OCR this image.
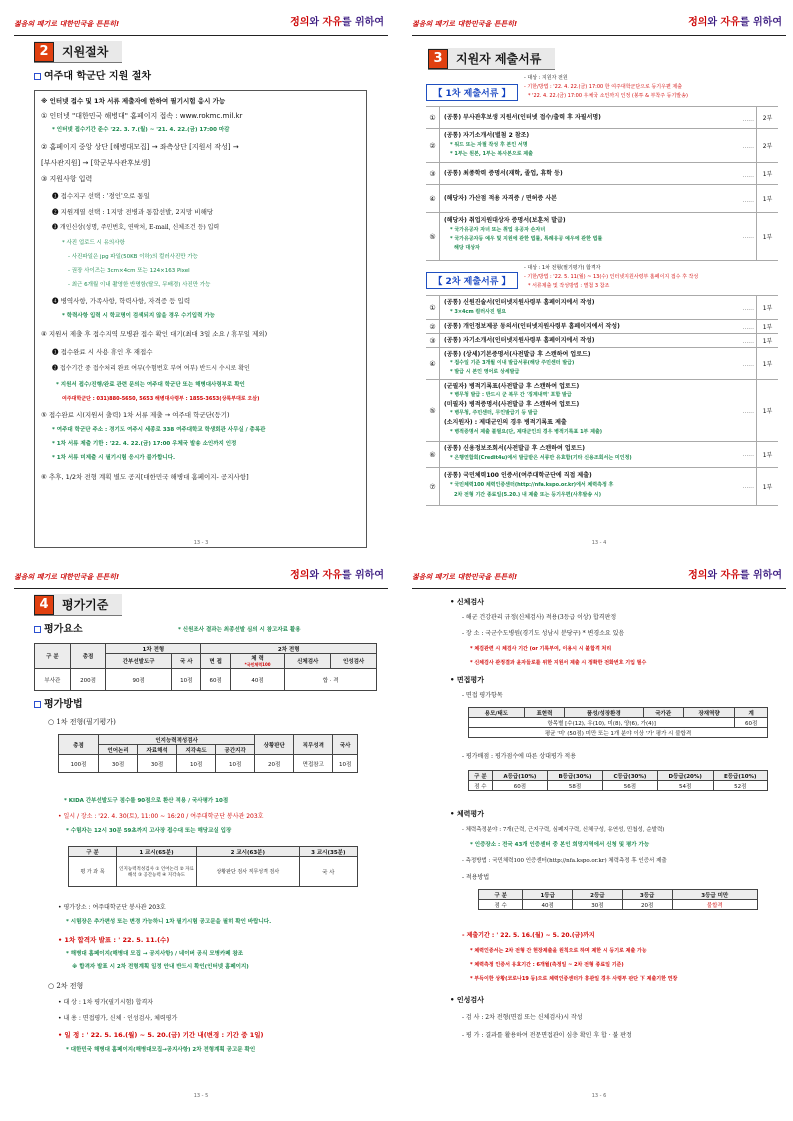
젊음의 패기로 대한민국을 튼튼히!	정의와 자유를 위하여
2	지원절차
여주대 학군단 지원 절차
※ 인터넷 접수 및 1차 서류 제출자에 한하여 필기시험 응시 가능
① 인터넷 "대한민국 해병대" 홈페이지 접속 : www.rokmc.mil.kr
* 인터넷 접수기간 준수 '22. 3. 7.(월) ~ '21. 4. 22.(금) 17:00 마감
② 홈페이지 중앙 상단 [해병대모집] → 좌측상단 [지원서 작성] →
[부사관지원] → [학군부사관후보생]
③ 지원사항 입력
❶ 접수지구 선택 : '경인'으로 통일
❷ 지원계열 선택 : 1지망 전병과 통합선발, 2지망 비해당
❸ 개인신상(성명, 주민번호, 연락처, E-mail, 신체조건 등) 입력
* 사진 업로드 시 유의사항
- 사진파일은 jpg 파일(50KB 이하)의 컬러사진만 가능
- 권장 사이즈는 3cm×4cm 또는 124×163 Pixel
- 최근 6개월 이내 촬영한 반명함(탈모, 무배경) 사진만 가능
❹ 병역사항, 가족사항, 학력사항, 자격증 등 입력
* 학력사항 입력 시 학교명이 검색되지 않을 경우 수기입력 가능
④ 지원서 제출 후 접수지역 모병관 접수 확인 대기(최대 3일 소요 / 휴무일 제외)
❶ 접수완료 시 사용 휴인 후 재접수
❷ 접수기간 중 접수처리 완료 여부(수험번호 부여 여부) 반드시 수시로 확인
* 지원서 접수/진행/완료 관련 문의는 여주대 학군단 또는 해병대사령부로 확인
여주대학군단 : 031)880-5650, 5653 해병대사령부 : 1855-3653(상록부대로 오삼)
⑤ 접수완료 시(지원서 출력) 1차 서류 제출 → 여주대 학군단(등기)
* 여주대 학군단 주소 : 경기도 여주시 세종로 338 여주대학교 학생회관 사무실 / 총록관
* 1차 서류 제출 기한 : '22. 4. 22.(금) 17:00 우체국 발송 소인까지 인정
* 1차 서류 미제출 시 필기시험 응시가 불가합니다.
⑥ 추후, 1/2차 전형 계획 별도 공지[대한민국 해병대 홈페이지- 공지사항]
13 - 3
젊음의 패기로 대한민국을 튼튼히!	정의와 자유를 위하여
3	지원자 제출서류
【 1차 제출서류 】
- 대상 : 지원자 전원
- 기한/방법 : '22. 4. 22.(금) 17:00 한 여주대학군단으로 등기우편 제출
* '22. 4. 22.(금) 17:00 우체국 소인까지 인정 (봉투 & 부착주 등기발송)
①	(공통) 부사관후보생 지원서(인터넷 접수/출력 후 자필서명)	......	2부
②
(공통) 자기소개서(별첨 2 참조)
* 워드 또는 자필 작성 후 본인 서명
* 1부는 원본, 1부는 복사본으로 제출
......	2부
③	(공통) 최종학력 증명서(재학, 졸업, 휴학 등)	......	1부
④	(해당자) 가산점 적용 자격증 / 면허증 사본	......	1부
⑤
(해당자) 취업지원대상자 증명서(보훈처 발급)
* 국가유공자 자녀 또는 취업 유공자 손자녀
* 국가유공자등 예우 및 지원에 관한 법률, 특례유공 예우에 관한 법률
해당 대상자
......	1부
【 2차 제출서류 】
- 대상 : 1차 전형(필기평가) 합격자
- 기한/방법 : '22. 5. 11(월) ~ 13(수) 인터넷지원사령부 홈페이지 접수 후 작성
* 서류제출 및 작성방법 : 별첨 3 참조
①
(공통) 신원진술서(인터넷지원사령부 홈페이지에서 작성)
* 3×4cm 컬러사진 필요	......	1부
②	(공통) 개인정보제공 동의서(인터넷지원사령부 홈페이지에서 작성)	......	1부
③	(공통) 자기소개서(인터넷지원사령부 홈페이지에서 작성)	......	1부
④
(공통) (상세)기본증명서(사전발급 후 스캔하여 업로드)
* 접수일 기준 3개월 이내 발급서류(해당 주민센터 발급)
* 발급 시 본인 영어로 상세발급
......	1부
⑤
(군필자) 병적기록표(사전발급 후 스캔하여 업로드)
* 병무청 발급 : 반드시 군 복무 간 '징계내역' 포함 발급
(미필자) 병적증명서(사전발급 후 스캔하여 업로드)
* 병무청, 주민센터, 무인발급기 등 발급
(소지원자) : 제대군인의 경우 병적기록표 제출
* 병적증명서 제출 불필요(단, 제대군인의 경우 병적기록표 1부 제출)
......	1부
⑥
(공통) 신용정보조회서(사전발급 후 스캔하여 업로드)
* 은행연합회(Credit4u)에서 발급받은 서류만 유효함(기타 신용조회서는 미인정)	......	1부
⑦
(공통) 국민체력100 인증서(여주대학군단에 직접 제출)
* 국민체력100 체력인증센터(http://nfa.kspo.or.kr)에서 체력측정 후
2차 전형 기간 종료일(5.20.) 내 제출 또는 등기우편(사후발송 시)
......	1부
13 - 4
젊음의 패기로 대한민국을 튼튼히!	정의와 자유를 위하여
4	평가기준
평가요소	* 신원조사 결과는 최종선발 심의 시 참고자료 활용
구 분	총점	1차 전형		2차 전형			
		간부선발도구	국 사	면 접	체 력
*국민체력100	신체검사	인성검사
부사관	200점	90점	10점	60점	40점	합 · 격	
평가방법
○ 1차 전형(필기평가)
총점	인지능력적성검사				상황판단	직무성격	국사
	언어논리	자료해석	지각속도	공간지각			
100점	30점	30점	10점	10점	20점	면접참고	10점
* KIDA 간부선발도구 점수를 90점으로 환산 적용 / 국사평가 10점
• 일시 / 장소 : '22. 4. 30(토), 11:00 ~ 16:20 / 여주대학군단 봉사관 203호
* 수험자는 12시 30분 59초까지 고사장 접수대 또는 해당교실 입장
구 분	1 교시(65분)	2 교시(63분)	3 교시(35분)
평 가 과 목	인지능력적성검사 ① 언어논리 ② 자료해석 ③ 공간능력 ④ 지각속도	상황판단 검사 직무성격 검사	국 사
• 평가장소 : 여주대학군단 봉사관 203호
* 시험장은 추가편성 또는 변경 가능하니 1차 필기시험 공고문을 필히 확인 바랍니다.
• 1차 합격자 발표 : ' 22. 5. 11.(수)
* 해병대 홈페이지(해병대 모집 → 공지사항) / 네이버 공식 모병카페 참조
※ 합격자 발표 시 2차 전형계획 일정 안내 반드시 확인(인터넷 홈페이지)
○ 2차 전형
• 대 상 : 1차 평가(필기시험) 합격자
• 내 용 : 면접평가, 신체 · 인성검사, 체력평가
• 일 정 : ' 22. 5. 16.(월) ~ 5. 20.(금) 기간 내(변경 : 기간 중 1일)
* 대한민국 해병대 홈페이지(해병대모집→공지사항) 2차 전형계획 공고문 확인
13 - 5
젊음의 패기로 대한민국을 튼튼히!	정의와 자유를 위하여
• 신체검사
- 해군 건강관리 규정(신체검사) 적용(3등급 이상) 합격판정
- 장 소 : 국군수도병원(경기도 성남시 분당구) * 변경소요 있음
* 체검관련 시 체검사 기간 (or 기록부여, 이용시 시 불합격 처리
* 신체검사 관정결과 윤자들로를 위한 지원서 제출 시 정확한 전화번호 기입 필수
• 면접평가
- 면접 평가항목
용모/태도	표현력	품성/성장환경	국가관	장재역량	계
항목별 [수(12), 우(10), 미(8), 양(6), 가(4)]					60점
평균 '미' (50점) 미만 또는 1개 분야 이상 '가' 평가 시 불합격					
- 평가배점 : 평가점수에 따른 상대평가 적용
구 분	A등급(10%)	B등급(30%)	C등급(30%)	D등급(20%)	E등급(10%)
점 수	60점	58점	56점	54점	52점
• 체력평가
- 체력측정분야 : 7개(근력, 근지구력, 심폐지구력, 신체구성, 유연성, 민첩성, 순발력)
* 인증장소 : 전국 43개 인증센터 중 본인 희망지역에서 신청 및 평가 가능
- 측정방법 : 국민체력100 인증센터(http://nfa.kspo.or.kr) 체력측정 후 인증서 제출
- 적용방법
구 분	1등급	2등급	3등급	3등급 미만
점 수	40점	30점	20점	불합격
- 제출기간 : ' 22. 5. 16.(월) ~ 5. 20.(금)까지
* 체력인증서는 2차 전형 간 현장제출을 원칙으로 하며 제한 시 등기로 제출 가능
* 체력측정 인증서 유효기간 : 6개월(측정일 ~ 2차 전형 종료일 기준)
* 부득이한 상황(코로나19 등)으로 체력인증센터가 휴관일 경우 사령부 판단 下 제출기한 연장
• 인성검사
- 검 사 : 2차 전형(면접 또는 신체검사)시 작성
- 평 가 : 결과를 활용하여 전문면접관이 심층 확인 후 합 · 불 판정
13 - 6
